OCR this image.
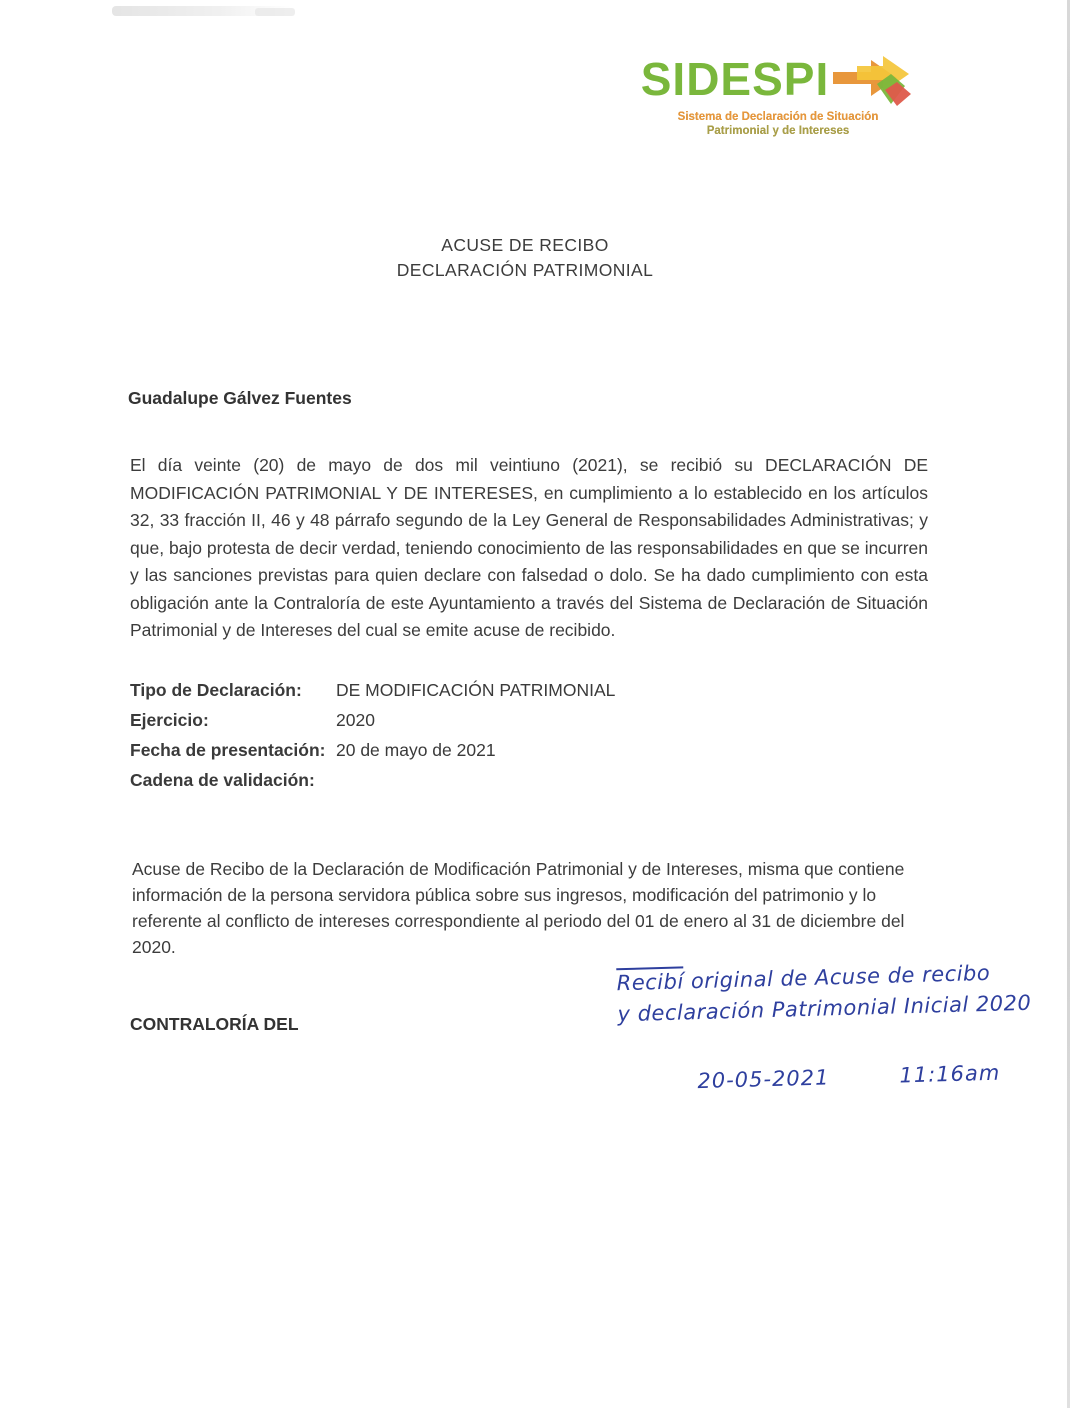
SIDESPI
Sistema de Declaración de Situación
Patrimonial y de Intereses
ACUSE DE RECIBO
DECLARACIÓN PATRIMONIAL
Guadalupe Gálvez Fuentes
El día veinte (20) de mayo de dos mil veintiuno (2021), se recibió su DECLARACIÓN DE MODIFICACIÓN PATRIMONIAL Y DE INTERESES, en cumplimiento a lo establecido en los artículos 32, 33 fracción II, 46 y 48 párrafo segundo de la Ley General de Responsabilidades Administrativas; y que, bajo protesta de decir verdad, teniendo conocimiento de las responsabilidades en que se incurren y las sanciones previstas para quien declare con falsedad o dolo. Se ha dado cumplimiento con esta obligación ante la Contraloría de este Ayuntamiento a través del Sistema de Declaración de Situación Patrimonial y de Intereses del cual se emite acuse de recibido.
Tipo de Declaración:	DE MODIFICACIÓN PATRIMONIAL
Ejercicio:	2020
Fecha de presentación: 20 de mayo de 2021
Cadena de validación:
Acuse de Recibo de la Declaración de Modificación Patrimonial y de Intereses, misma que contiene información de la persona servidora pública sobre sus ingresos, modificación del patrimonio y lo referente al conflicto de intereses correspondiente al periodo del 01 de enero al 31 de diciembre del 2020.
CONTRALORÍA DEL
Recibí original de Acuse de recibo
y declaración Patrimonial Inicial 2020
20-05-2021	11:16am
